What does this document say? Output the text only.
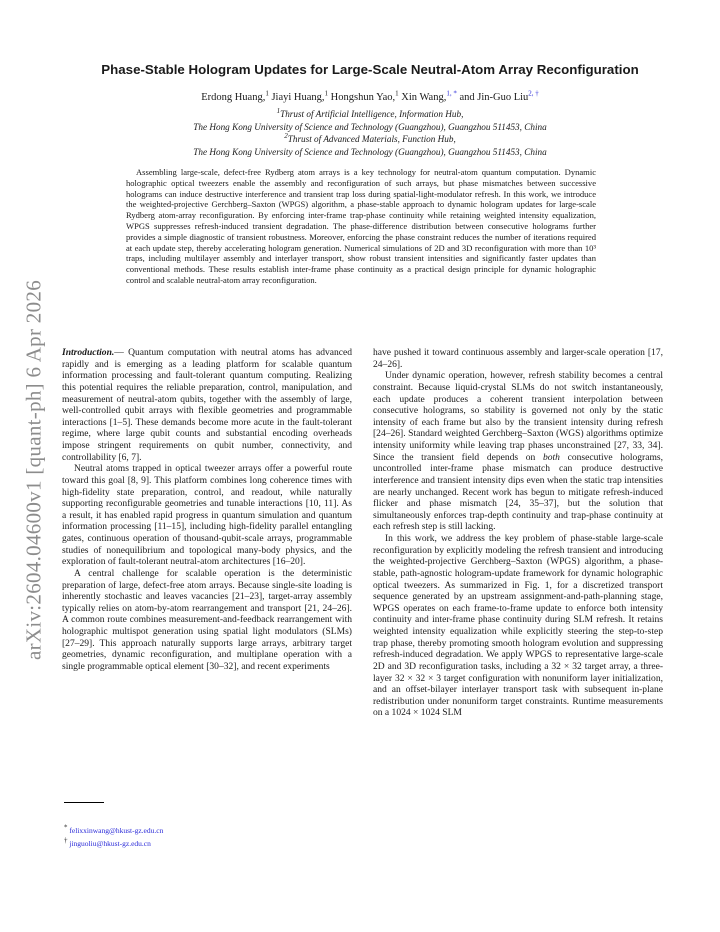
arXiv:2604.04600v1 [quant-ph] 6 Apr 2026
Phase-Stable Hologram Updates for Large-Scale Neutral-Atom Array Reconfiguration
Erdong Huang,$^1$ Jiayi Huang,$^1$ Hongshun Yao,$^1$ Xin Wang,$^{1, *}$ and Jin-Guo Liu$^{2, \dagger}$
$^1$Thrust of Artificial Intelligence, Information Hub,
The Hong Kong University of Science and Technology (Guangzhou), Guangzhou 511453, China
$^2$Thrust of Advanced Materials, Function Hub,
The Hong Kong University of Science and Technology (Guangzhou), Guangzhou 511453, China
Assembling large-scale, defect-free Rydberg atom arrays is a key technology for neutral-atom quantum computation. Dynamic holographic optical tweezers enable the assembly and reconfiguration of such arrays, but phase mismatches between successive holograms can induce destructive interference and transient trap loss during spatial-light-modulator refresh. In this work, we introduce the weighted-projective Gerchberg–Saxton (WPGS) algorithm, a phase-stable approach to dynamic hologram updates for large-scale Rydberg atom-array reconfiguration. By enforcing inter-frame trap-phase continuity while retaining weighted intensity equalization, WPGS suppresses refresh-induced transient degradation. The phase-difference distribution between consecutive holograms further provides a simple diagnostic of transient robustness. Moreover, enforcing the phase constraint reduces the number of iterations required at each update step, thereby accelerating hologram generation. Numerical simulations of 2D and 3D reconfiguration with more than 10³ traps, including multilayer assembly and interlayer transport, show robust transient intensities and significantly faster updates than conventional methods. These results establish inter-frame phase continuity as a practical design principle for dynamic holographic control and scalable neutral-atom array reconfiguration.

Introduction.— Quantum computation with neutral atoms has advanced rapidly and is emerging as a leading platform for scalable quantum information processing and fault-tolerant quantum computing. Realizing this potential requires the reliable preparation, control, manipulation, and measurement of neutral-atom qubits, together with the assembly of large, well-controlled qubit arrays with flexible geometries and programmable interactions [1–5]. These demands become more acute in the fault-tolerant regime, where large qubit counts and substantial encoding overheads impose stringent requirements on qubit number, connectivity, and controllability [6, 7].

Neutral atoms trapped in optical tweezer arrays offer a powerful route toward this goal [8, 9]. This platform combines long coherence times with high-fidelity state preparation, control, and readout, while naturally supporting reconfigurable geometries and tunable interactions [10, 11]. As a result, it has enabled rapid progress in quantum simulation and quantum information processing [11–15], including high-fidelity parallel entangling gates, continuous operation of thousand-qubit-scale arrays, programmable studies of nonequilibrium and topological many-body physics, and the exploration of fault-tolerant neutral-atom architectures [16–20].

A central challenge for scalable operation is the deterministic preparation of large, defect-free atom arrays. Because single-site loading is inherently stochastic and leaves vacancies [21–23], target-array assembly typically relies on atom-by-atom rearrangement and transport [21, 24–26]. A common route combines measurement-and-feedback rearrangement with holographic multispot generation using spatial light modulators (SLMs) [27–29]. This approach naturally supports large arrays, arbitrary target geometries, dynamic reconfiguration, and multiplane operation with a single programmable optical element [30–32], and recent experiments

have pushed it toward continuous assembly and larger-scale operation [17, 24–26].

Under dynamic operation, however, refresh stability becomes a central constraint. Because liquid-crystal SLMs do not switch instantaneously, each update produces a coherent transient interpolation between consecutive holograms, so stability is governed not only by the static intensity of each frame but also by the transient intensity during refresh [24–26]. Standard weighted Gerchberg–Saxton (WGS) algorithms optimize intensity uniformity while leaving trap phases unconstrained [27, 33, 34]. Since the transient field depends on both consecutive holograms, uncontrolled inter-frame phase mismatch can produce destructive interference and transient intensity dips even when the static trap intensities are nearly unchanged. Recent work has begun to mitigate refresh-induced flicker and phase mismatch [24, 35–37], but the solution that simultaneously enforces trap-depth continuity and trap-phase continuity at each refresh step is still lacking.

In this work, we address the key problem of phase-stable large-scale reconfiguration by explicitly modeling the refresh transient and introducing the weighted-projective Gerchberg–Saxton (WPGS) algorithm, a phase-stable, path-agnostic hologram-update framework for dynamic holographic optical tweezers. As summarized in Fig. 1, for a discretized transport sequence generated by an upstream assignment-and-path-planning stage, WPGS operates on each frame-to-frame update to enforce both intensity continuity and inter-frame phase continuity during SLM refresh. It retains weighted intensity equalization while explicitly steering the step-to-step trap phase, thereby promoting smooth hologram evolution and suppressing refresh-induced degradation. We apply WPGS to representative large-scale 2D and 3D reconfiguration tasks, including a 32 × 32 target array, a three-layer 32 × 32 × 3 target configuration with nonuniform layer initialization, and an offset-bilayer interlayer transport task with subsequent in-plane redistribution under nonuniform target constraints. Runtime measurements on a 1024 × 1024 SLM

* felixxinwang@hkust-gz.edu.cn
† jinguoliu@hkust-gz.edu.cn
